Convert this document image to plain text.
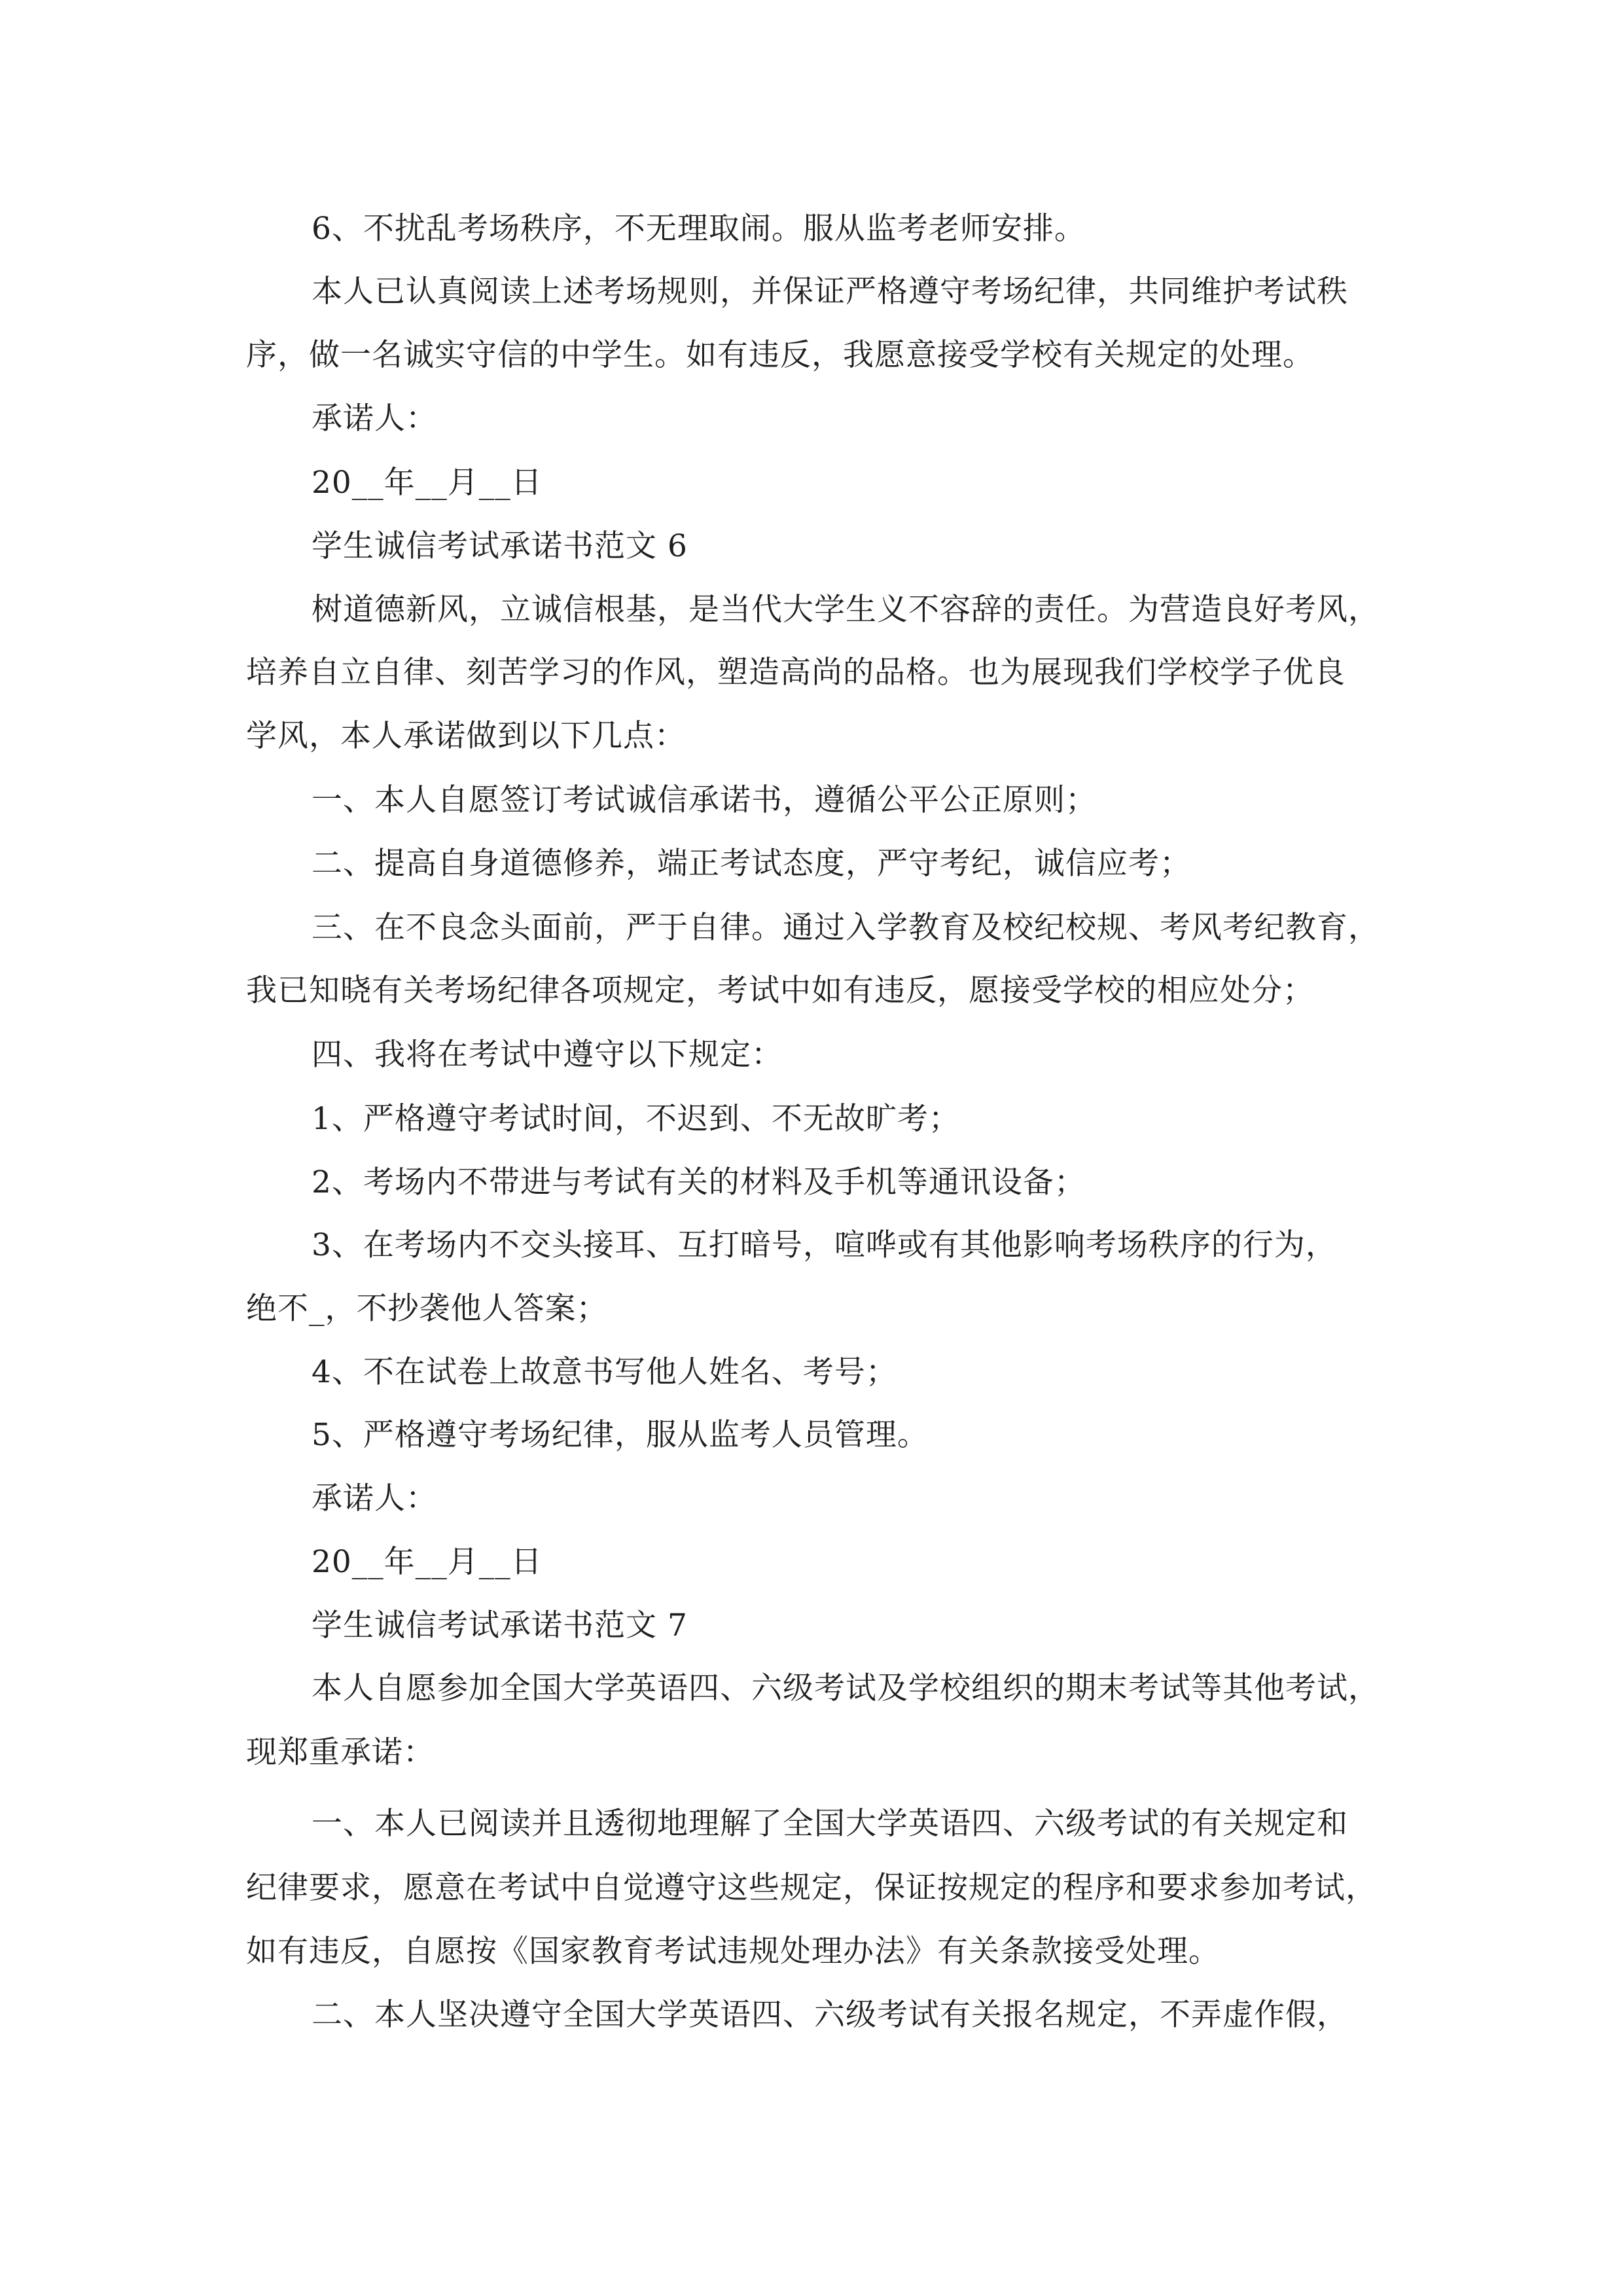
6、不扰乱考场秩序，不无理取闹。服从监考老师安排。

本人已认真阅读上述考场规则，并保证严格遵守考场纪律，共同维护考试秩

序，做一名诚实守信的中学生。如有违反，我愿意接受学校有关规定的处理。

承诺人：

20__年__月__日

学生诚信考试承诺书范文 6

树道德新风，立诚信根基，是当代大学生义不容辞的责任。为营造良好考风，

培养自立自律、刻苦学习的作风，塑造高尚的品格。也为展现我们学校学子优良

学风，本人承诺做到以下几点：

一、本人自愿签订考试诚信承诺书，遵循公平公正原则；

二、提高自身道德修养，端正考试态度，严守考纪，诚信应考；

三、在不良念头面前，严于自律。通过入学教育及校纪校规、考风考纪教育，

我已知晓有关考场纪律各项规定，考试中如有违反，愿接受学校的相应处分；

四、我将在考试中遵守以下规定：

1、严格遵守考试时间，不迟到、不无故旷考；

2、考场内不带进与考试有关的材料及手机等通讯设备；

3、在考场内不交头接耳、互打暗号，喧哗或有其他影响考场秩序的行为，

绝不_，不抄袭他人答案；

4、不在试卷上故意书写他人姓名、考号；

5、严格遵守考场纪律，服从监考人员管理。

承诺人：

20__年__月__日

学生诚信考试承诺书范文 7

本人自愿参加全国大学英语四、六级考试及学校组织的期末考试等其他考试，

现郑重承诺：

一、本人已阅读并且透彻地理解了全国大学英语四、六级考试的有关规定和

纪律要求，愿意在考试中自觉遵守这些规定，保证按规定的程序和要求参加考试，

如有违反，自愿按《国家教育考试违规处理办法》有关条款接受处理。

二、本人坚决遵守全国大学英语四、六级考试有关报名规定，不弄虚作假，
